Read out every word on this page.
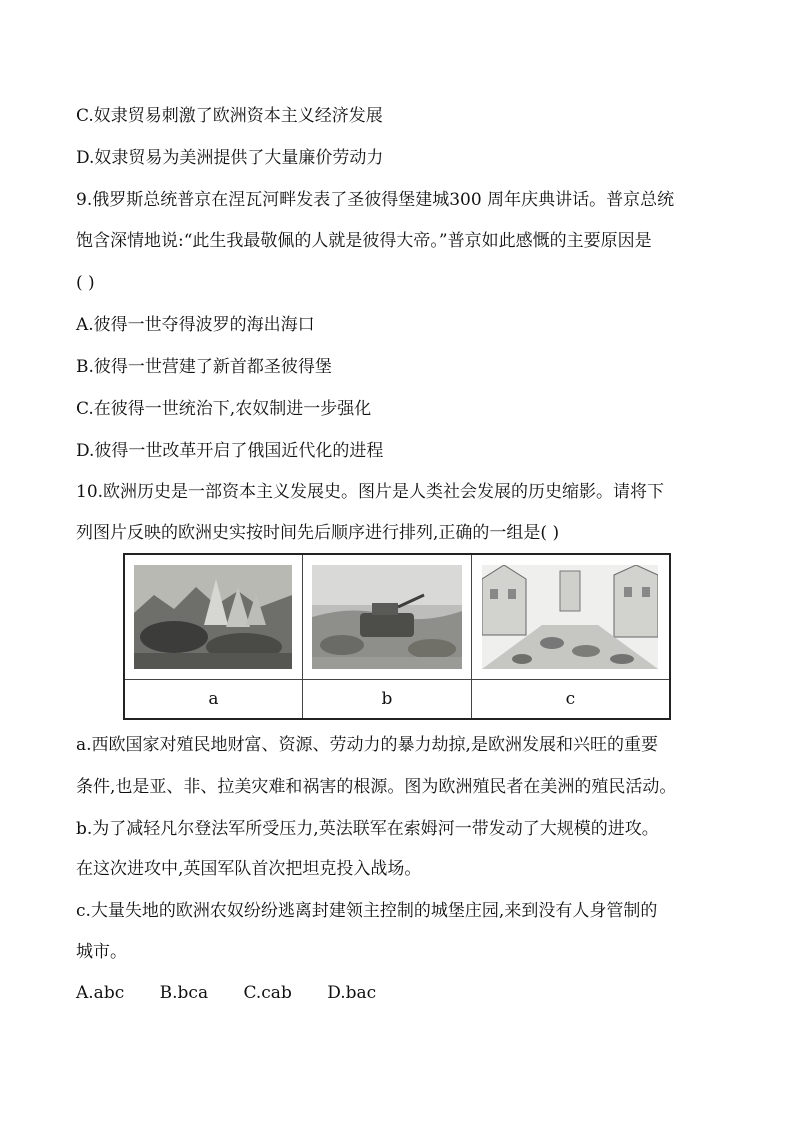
C.奴隶贸易刺激了欧洲资本主义经济发展
D.奴隶贸易为美洲提供了大量廉价劳动力
9.俄罗斯总统普京在涅瓦河畔发表了圣彼得堡建城300 周年庆典讲话。普京总统
饱含深情地说:“此生我最敬佩的人就是彼得大帝。”普京如此感慨的主要原因是
( )
A.彼得一世夺得波罗的海出海口
B.彼得一世营建了新首都圣彼得堡
C.在彼得一世统治下,农奴制进一步强化
D.彼得一世改革开启了俄国近代化的进程
10.欧洲历史是一部资本主义发展史。图片是人类社会发展的历史缩影。请将下
列图片反映的欧洲史实按时间先后顺序进行排列,正确的一组是( )

a	b	c
a.西欧国家对殖民地财富、资源、劳动力的暴力劫掠,是欧洲发展和兴旺的重要
条件,也是亚、非、拉美灾难和祸害的根源。图为欧洲殖民者在美洲的殖民活动。
b.为了减轻凡尔登法军所受压力,英法联军在索姆河一带发动了大规模的进攻。
在这次进攻中,英国军队首次把坦克投入战场。
c.大量失地的欧洲农奴纷纷逃离封建领主控制的城堡庄园,来到没有人身管制的
城市。
A.abc B.bca C.cab D.bac
